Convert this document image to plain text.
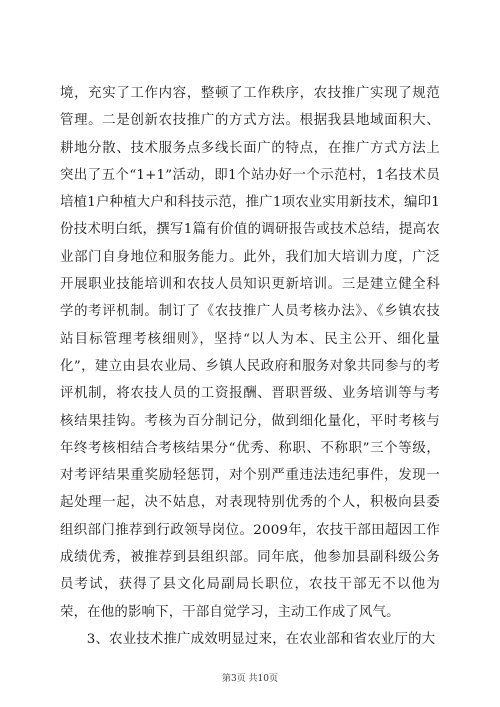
境，充实了工作内容，整顿了工作秩序，农技推广实现了规范管理。二是创新农技推广的方式方法。根据我县地域面积大、耕地分散、技术服务点多线长面广的特点，在推广方式方法上突出了五个“1+1”活动，即1个站办好一个示范村，1名技术员培植1户种植大户和科技示范，推广1项农业实用新技术，编印1份技术明白纸，撰写1篇有价值的调研报告或技术总结，提高农业部门自身地位和服务能力。此外，我们加大培训力度，广泛开展职业技能培训和农技人员知识更新培训。三是建立健全科学的考评机制。制订了《农技推广人员考核办法》、《乡镇农技站目标管理考核细则》，坚持“以人为本、民主公开、细化量化”，建立由县农业局、乡镇人民政府和服务对象共同参与的考评机制，将农技人员的工资报酬、晋职晋级、业务培训等与考核结果挂钩。考核为百分制记分，做到细化量化，平时考核与年终考核相结合考核结果分“优秀、称职、不称职”三个等级，对考评结果重奖励轻惩罚，对个别严重违法违纪事件，发现一起处理一起，决不姑息，对表现特别优秀的个人，积极向县委组织部门推荐到行政领导岗位。2009年，农技干部田超因工作成绩优秀，被推荐到县组织部。同年底，他参加县副科级公务员考试，获得了县文化局副局长职位，农技干部无不以他为荣，在他的影响下，干部自觉学习，主动工作成了风气。

3、农业技术推广成效明显过来，在农业部和省农业厅的大

第3页 共10页
